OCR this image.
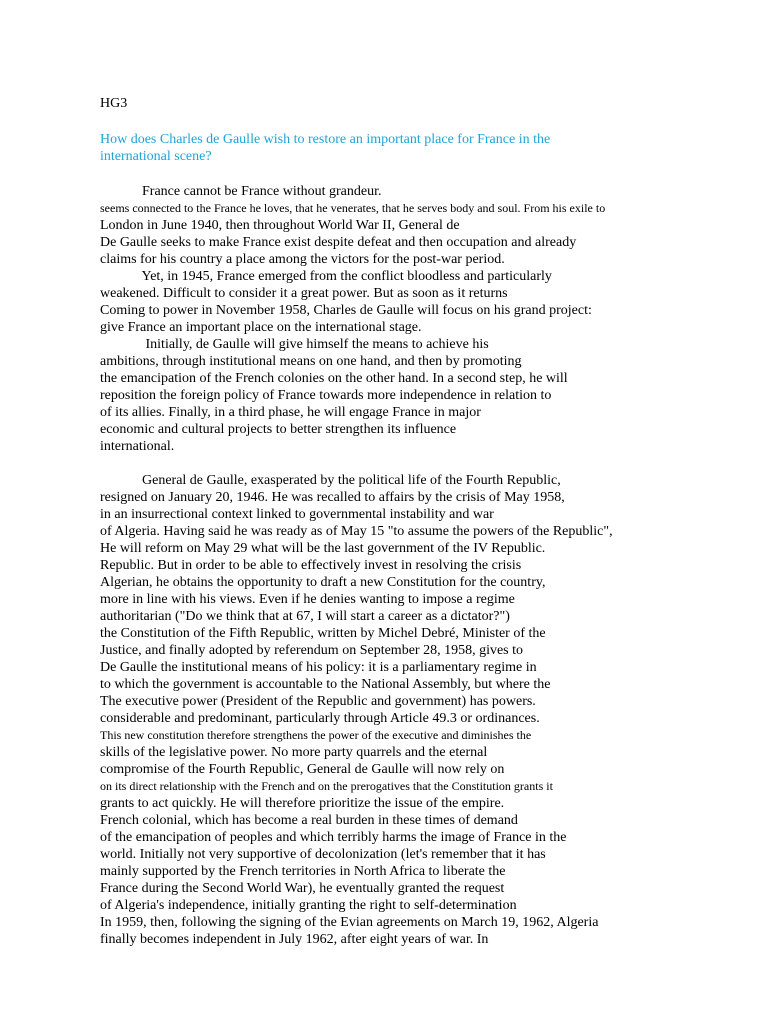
HG3
How does Charles de Gaulle wish to restore an important place for France in the
international scene?
France cannot be France without grandeur.
seems connected to the France he loves, that he venerates, that he serves body and soul. From his exile to
London in June 1940, then throughout World War II, General de
De Gaulle seeks to make France exist despite defeat and then occupation and already
claims for his country a place among the victors for the post-war period.
Yet, in 1945, France emerged from the conflict bloodless and particularly
weakened. Difficult to consider it a great power. But as soon as it returns
Coming to power in November 1958, Charles de Gaulle will focus on his grand project:
give France an important place on the international stage.
Initially, de Gaulle will give himself the means to achieve his
ambitions, through institutional means on one hand, and then by promoting
the emancipation of the French colonies on the other hand. In a second step, he will
reposition the foreign policy of France towards more independence in relation to
of its allies. Finally, in a third phase, he will engage France in major
economic and cultural projects to better strengthen its influence
international.
General de Gaulle, exasperated by the political life of the Fourth Republic,
resigned on January 20, 1946. He was recalled to affairs by the crisis of May 1958,
in an insurrectional context linked to governmental instability and war
of Algeria. Having said he was ready as of May 15 "to assume the powers of the Republic",
He will reform on May 29 what will be the last government of the IV Republic.
Republic. But in order to be able to effectively invest in resolving the crisis
Algerian, he obtains the opportunity to draft a new Constitution for the country,
more in line with his views. Even if he denies wanting to impose a regime
authoritarian ("Do we think that at 67, I will start a career as a dictator?")
the Constitution of the Fifth Republic, written by Michel Debré, Minister of the
Justice, and finally adopted by referendum on September 28, 1958, gives to
De Gaulle the institutional means of his policy: it is a parliamentary regime in
to which the government is accountable to the National Assembly, but where the
The executive power (President of the Republic and government) has powers.
considerable and predominant, particularly through Article 49.3 or ordinances.
This new constitution therefore strengthens the power of the executive and diminishes the
skills of the legislative power. No more party quarrels and the eternal
compromise of the Fourth Republic, General de Gaulle will now rely on
on its direct relationship with the French and on the prerogatives that the Constitution grants it
grants to act quickly. He will therefore prioritize the issue of the empire.
French colonial, which has become a real burden in these times of demand
of the emancipation of peoples and which terribly harms the image of France in the
world. Initially not very supportive of decolonization (let's remember that it has
mainly supported by the French territories in North Africa to liberate the
France during the Second World War), he eventually granted the request
of Algeria's independence, initially granting the right to self-determination
In 1959, then, following the signing of the Evian agreements on March 19, 1962, Algeria
finally becomes independent in July 1962, after eight years of war. In
